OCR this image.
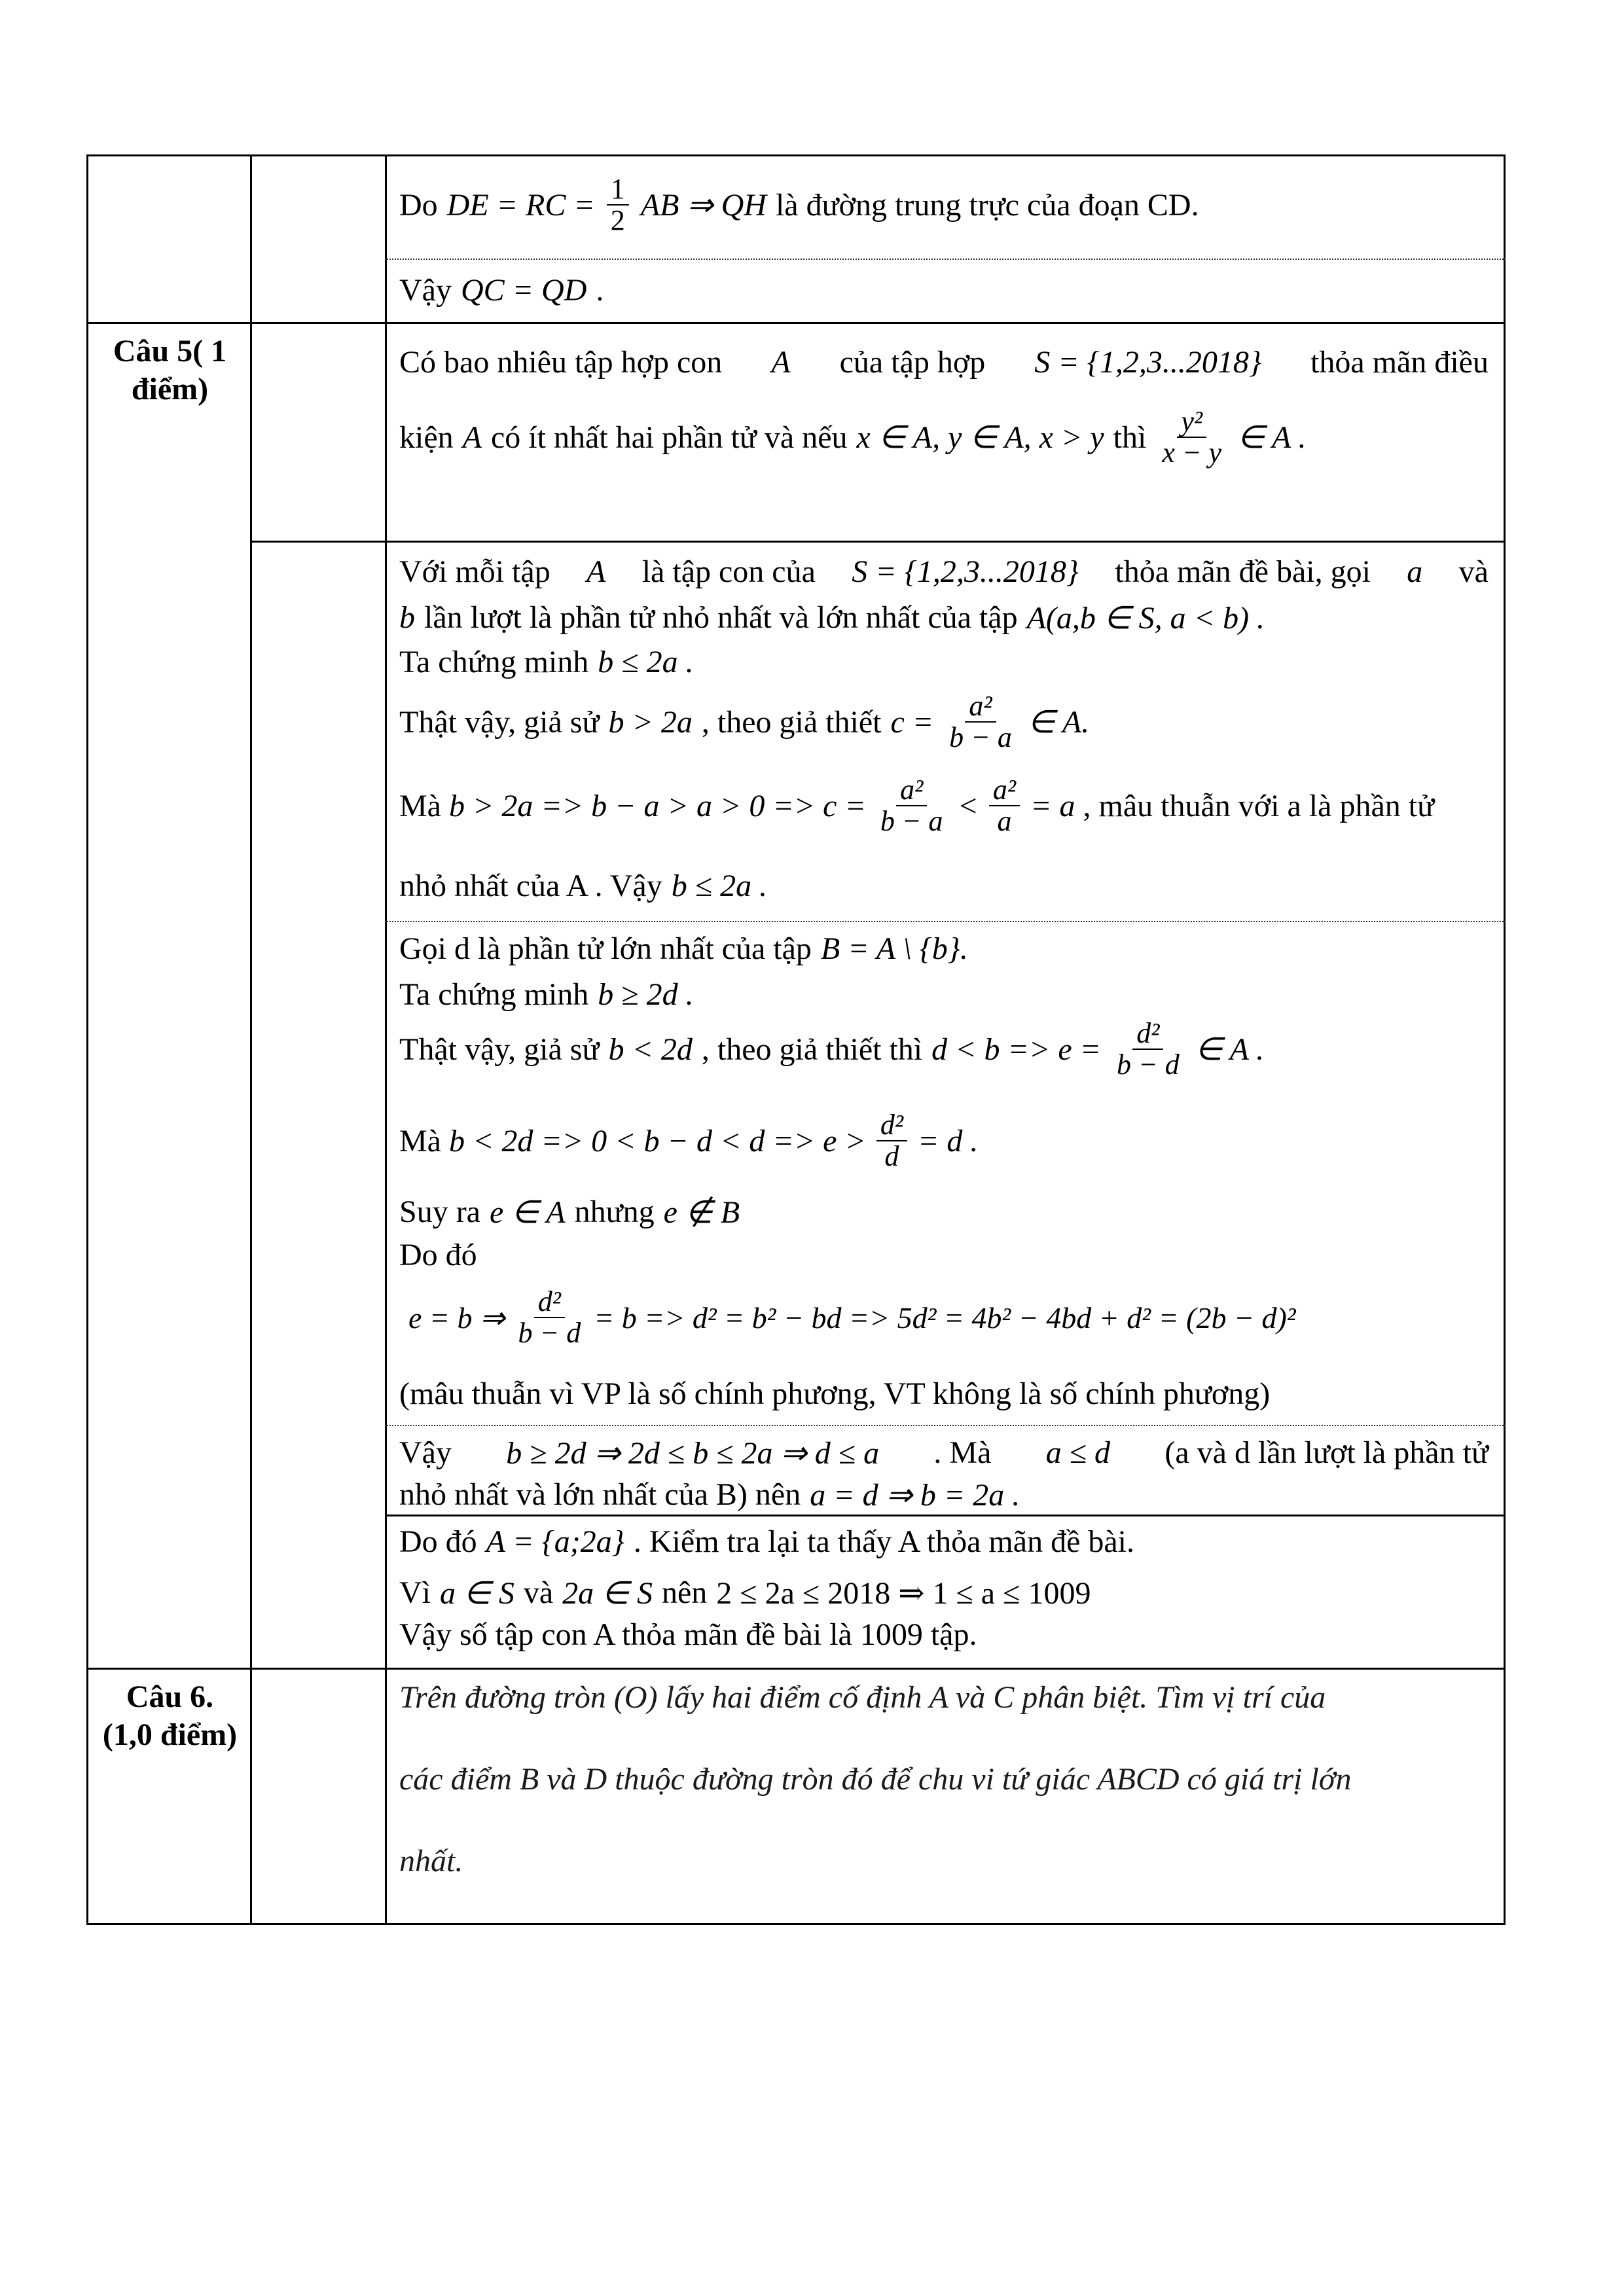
Câu 5( 1 điểm)
Câu 6. (1,0 điểm)
Do DE = RC = $\frac{1}{2}$ AB ⇒ QH là đường trung trực của đoạn CD.
Vậy QC = QD .
Có bao nhiêu tập hợp con A của tập hợp S = {1,2,3...2018} thỏa mãn điều
kiện A có ít nhất hai phần tử và nếu x ∈ A, y ∈ A, x > y thì $\frac{\text{y²}}{x - y}$ ∈ A .
Với mỗi tập A là tập con của S = {1,2,3...2018} thỏa mãn đề bài, gọi a và
b lần lượt là phần tử nhỏ nhất và lớn nhất của tập A(a,b ∈ S, a < b) .
Ta chứng minh b ≤ 2a .
Thật vậy, giả sử b > 2a , theo giả thiết $c = \frac{\text{a²}}{b - a}$ ∈ A.
Mà $b > 2a => b - a > a > 0 => c = \frac{\text{a²}}{b - a} < \frac{\text{a²}}{a} = a$ , mâu thuẫn với a là phần tử
nhỏ nhất của A . Vậy b ≤ 2a .
Gọi d là phần tử lớn nhất của tập B = A \ {b}.
Ta chứng minh b ≥ 2d .
Thật vậy, giả sử b < 2d , theo giả thiết thì $d < b => e = \frac{\text{d²}}{b - d}$ ∈ A .
Mà $b < 2d => 0 < b - d < d => e > \frac{\text{d²}}{d} = d$ .
Suy ra e ∈ A nhưng e ∉ B
Do đó
e = b ⇒ $\frac{\text{d²}}{b - d} = b => d^2 = b^2$ − bd => 5d² = 4b² − 4bd + d² = (2b − d)²
(mâu thuẫn vì VP là số chính phương, VT không là số chính phương)
Vậy b ≥ 2d ⇒ 2d ≤ b ≤ 2a ⇒ d ≤ a . Mà a ≤ d (a và d lần lượt là phần tử
nhỏ nhất và lớn nhất của B) nên a = d ⇒ b = 2a .
Do đó A = {a;2a} . Kiểm tra lại ta thấy A thỏa mãn đề bài.
Vì a ∈ S và 2a ∈ S nên 2 ≤ 2a ≤ 2018 ⇒ 1 ≤ a ≤ 1009
Vậy số tập con A thỏa mãn đề bài là 1009 tập.
Trên đường tròn (O) lấy hai điểm cố định A và C phân biệt. Tìm vị trí của
các điểm B và D thuộc đường tròn đó để chu vi tứ giác ABCD có giá trị lớn
nhất.
